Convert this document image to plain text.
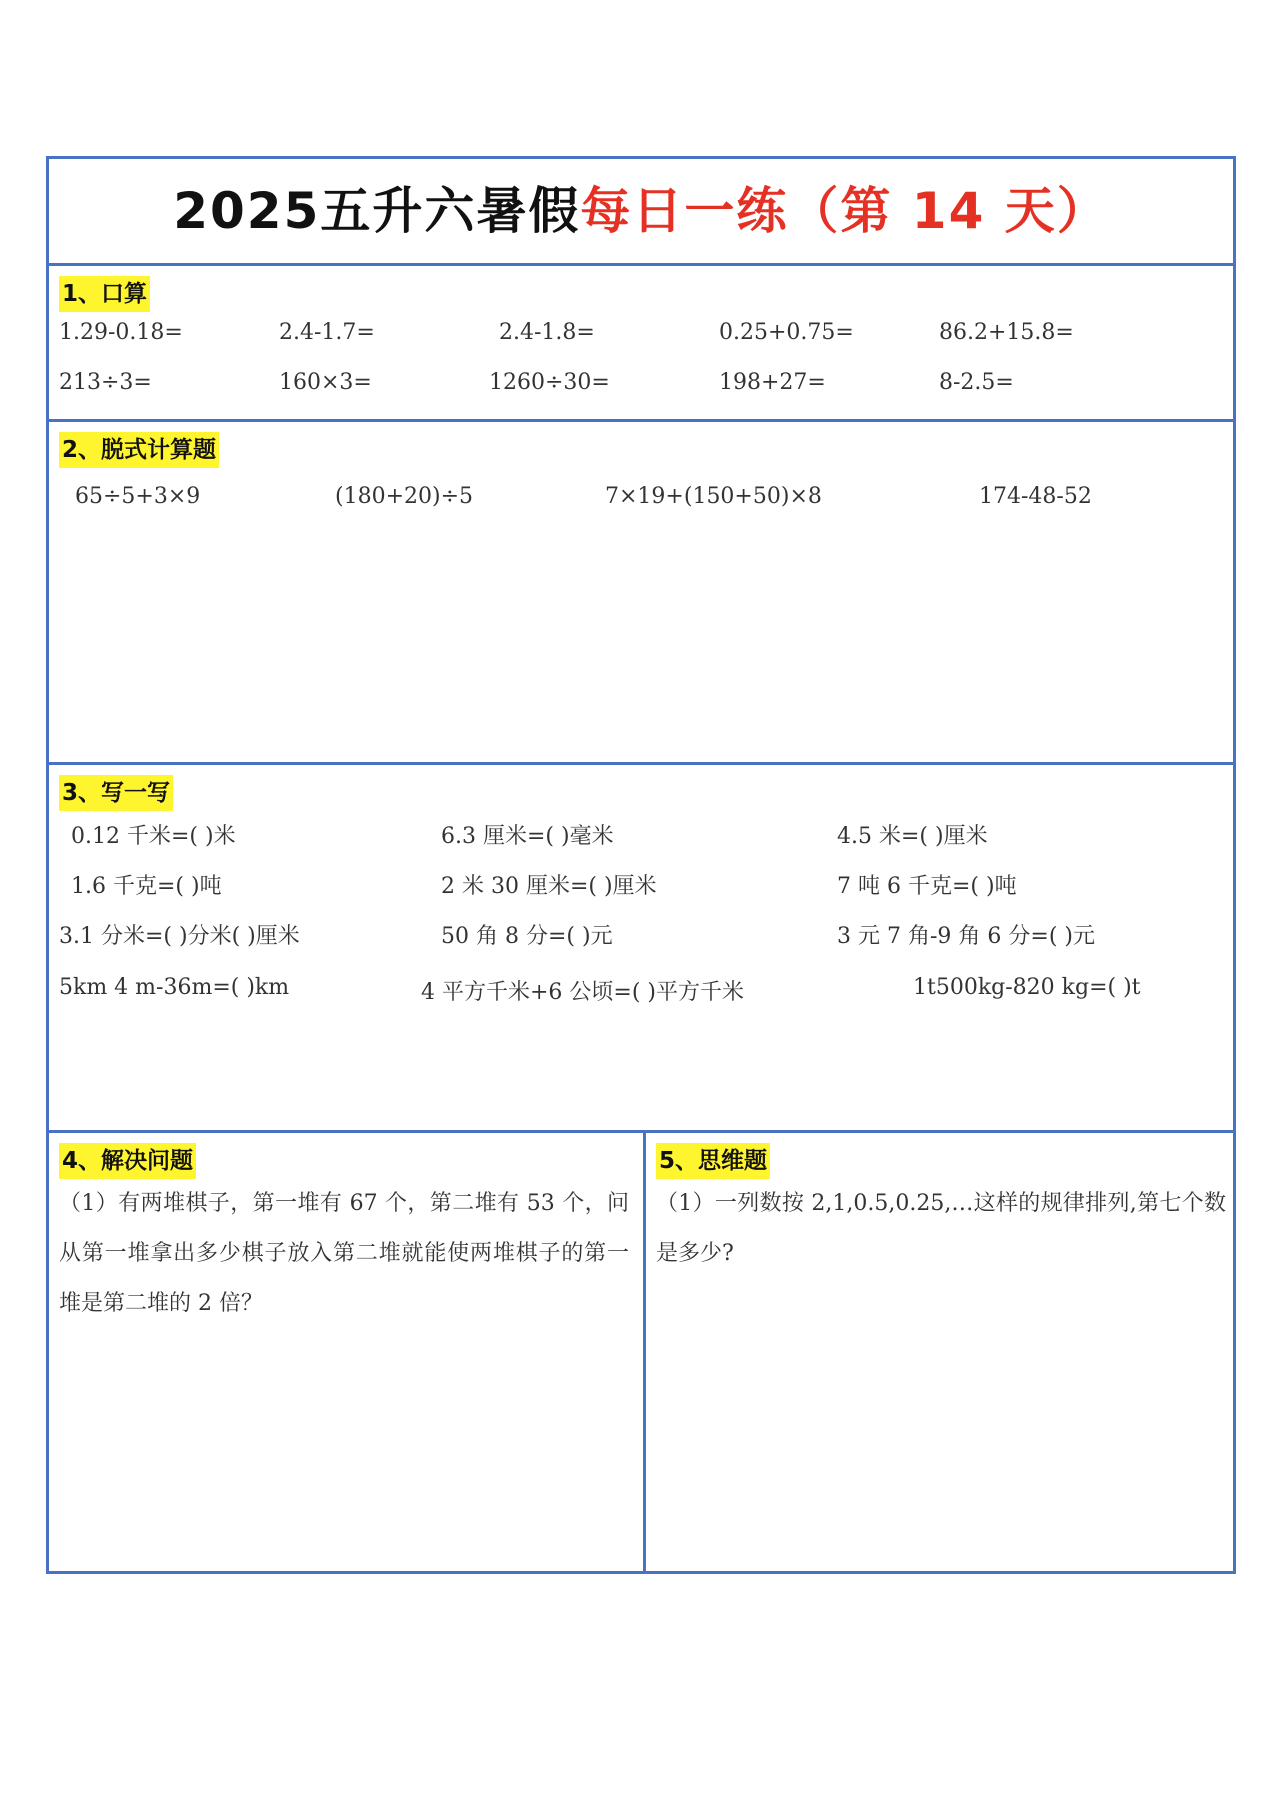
2025五升六暑假每日一练（第 14 天）
1、口算
1.29-0.18=	2.4-1.7=	2.4-1.8=	0.25+0.75=	86.2+15.8=
213÷3=	160×3=	1260÷30=	198+27=	8-2.5=
2、脱式计算题
65÷5+3×9	(180+20)÷5	7×19+(150+50)×8	174-48-52
3、写一写
0.12 千米=( )米	6.3 厘米=( )毫米	4.5 米=( )厘米
1.6 千克=( )吨	2 米 30 厘米=( )厘米	7 吨 6 千克=( )吨
3.1 分米=( )分米( )厘米	50 角 8 分=( )元	3 元 7 角-9 角 6 分=( )元
5km 4 m-36m=( )km	4 平方千米+6 公顷=( )平方千米	1t500kg-820 kg=( )t
4、解决问题
（1）有两堆棋子，第一堆有 67 个，第二堆有 53 个，问从第一堆拿出多少棋子放入第二堆就能使两堆棋子的第一堆是第二堆的 2 倍？
5、思维题
（1）一列数按 2,1,0.5,0.25,…这样的规律排列,第七个数是多少?
